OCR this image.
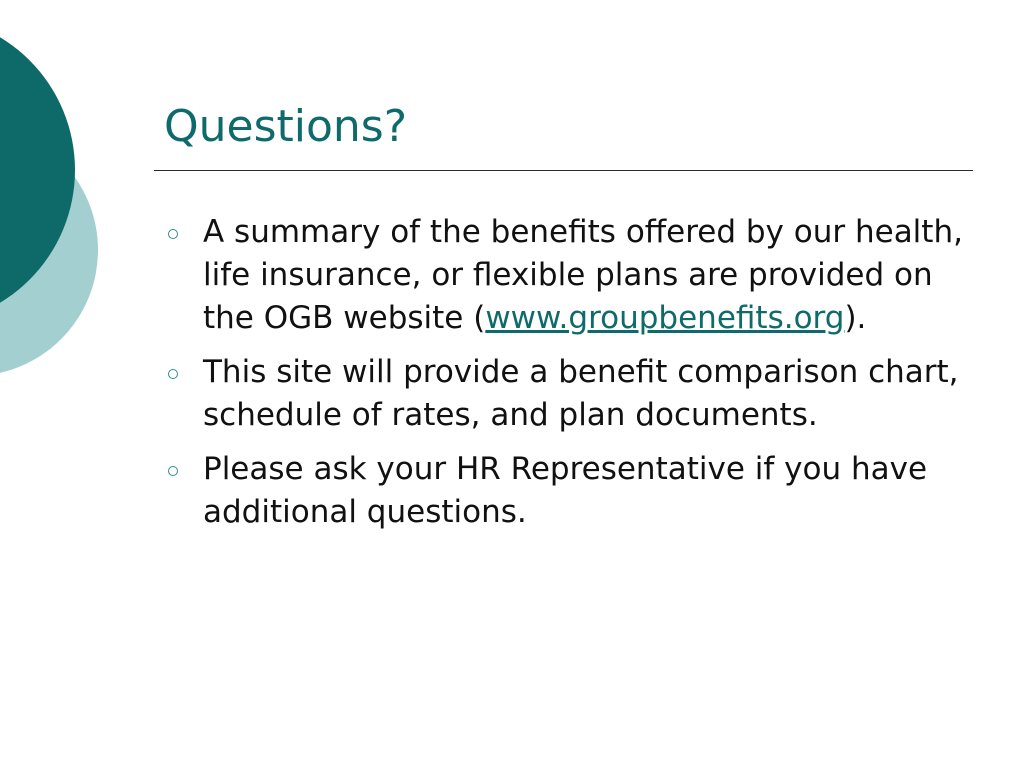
Questions?
A summary of the benefits offered by our health, life insurance, or flexible plans are provided on the OGB website (www.groupbenefits.org).
This site will provide a benefit comparison chart, schedule of rates, and plan documents.
Please ask your HR Representative if you have additional questions.
